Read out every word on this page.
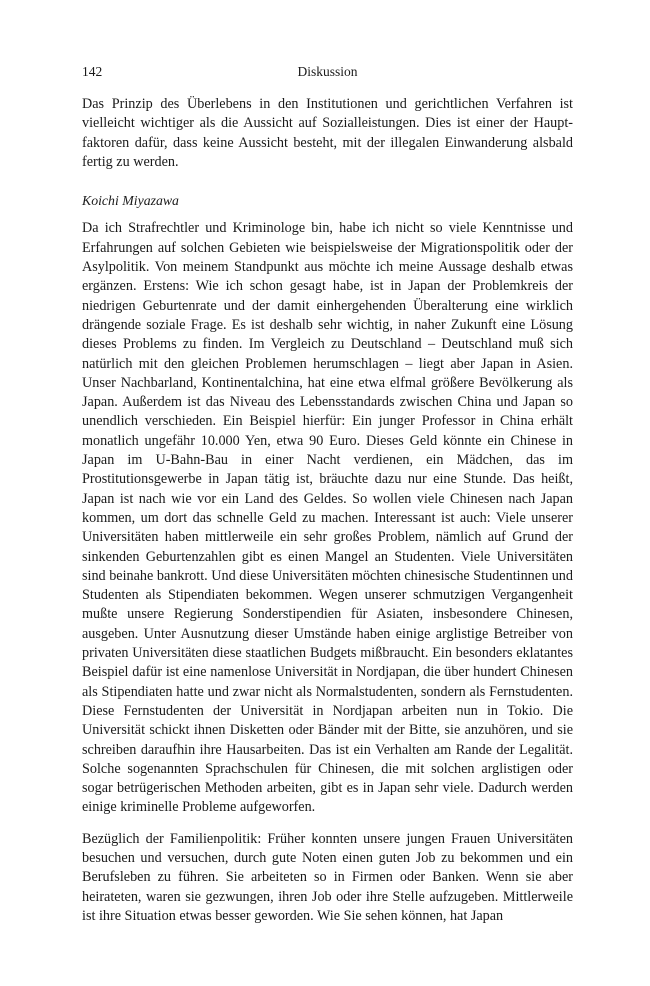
142	Diskussion

Das Prinzip des Überlebens in den Institutionen und gerichtlichen Verfahren ist vielleicht wichtiger als die Aussicht auf Sozialleistungen. Dies ist einer der Hauptfaktoren dafür, dass keine Aussicht besteht, mit der illegalen Einwanderung alsbald fertig zu werden.

Koichi Miyazawa

Da ich Strafrechtler und Kriminologe bin, habe ich nicht so viele Kenntnisse und Erfahrungen auf solchen Gebieten wie beispielsweise der Migrationspolitik oder der Asylpolitik. Von meinem Standpunkt aus möchte ich meine Aussage deshalb etwas ergänzen. Erstens: Wie ich schon gesagt habe, ist in Japan der Problemkreis der niedrigen Geburtenrate und der damit einhergehenden Überalterung eine wirklich drängende soziale Frage. Es ist deshalb sehr wichtig, in naher Zukunft eine Lösung dieses Problems zu finden. Im Vergleich zu Deutschland – Deutschland muß sich natürlich mit den gleichen Problemen herumschlagen – liegt aber Japan in Asien. Unser Nachbarland, Kontinentalchina, hat eine etwa elfmal größere Bevölkerung als Japan. Außerdem ist das Niveau des Lebensstandards zwischen China und Japan so unendlich verschieden. Ein Beispiel hierfür: Ein junger Professor in China erhält monatlich ungefähr 10.000 Yen, etwa 90 Euro. Dieses Geld könnte ein Chinese in Japan im U-Bahn-Bau in einer Nacht verdienen, ein Mädchen, das im Prostitutionsgewerbe in Japan tätig ist, bräuchte dazu nur eine Stunde. Das heißt, Japan ist nach wie vor ein Land des Geldes. So wollen viele Chinesen nach Japan kommen, um dort das schnelle Geld zu machen. Interessant ist auch: Viele unserer Universitäten haben mittlerweile ein sehr großes Problem, nämlich auf Grund der sinkenden Geburtenzahlen gibt es einen Mangel an Studenten. Viele Universitäten sind beinahe bankrott. Und diese Universitäten möchten chinesische Studentinnen und Studenten als Stipendiaten bekommen. Wegen unserer schmutzigen Vergangenheit mußte unsere Regierung Sonderstipendien für Asiaten, insbesondere Chinesen, ausgeben. Unter Ausnutzung dieser Umstände haben einige arglistige Betreiber von privaten Universitäten diese staatlichen Budgets mißbraucht. Ein besonders eklatantes Beispiel dafür ist eine namenlose Universität in Nordjapan, die über hundert Chinesen als Stipendiaten hatte und zwar nicht als Normalstudenten, sondern als Fernstudenten. Diese Fernstudenten der Universität in Nordjapan arbeiten nun in Tokio. Die Universität schickt ihnen Disketten oder Bänder mit der Bitte, sie anzuhören, und sie schreiben daraufhin ihre Hausarbeiten. Das ist ein Verhalten am Rande der Legalität. Solche sogenannten Sprachschulen für Chinesen, die mit solchen arglistigen oder sogar betrügerischen Methoden arbeiten, gibt es in Japan sehr viele. Dadurch werden einige kriminelle Probleme aufgeworfen.

Bezüglich der Familienpolitik: Früher konnten unsere jungen Frauen Universitäten besuchen und versuchen, durch gute Noten einen guten Job zu bekommen und ein Berufsleben zu führen. Sie arbeiteten so in Firmen oder Banken. Wenn sie aber heirateten, waren sie gezwungen, ihren Job oder ihre Stelle aufzugeben. Mittlerweile ist ihre Situation etwas besser geworden. Wie Sie sehen können, hat Japan
